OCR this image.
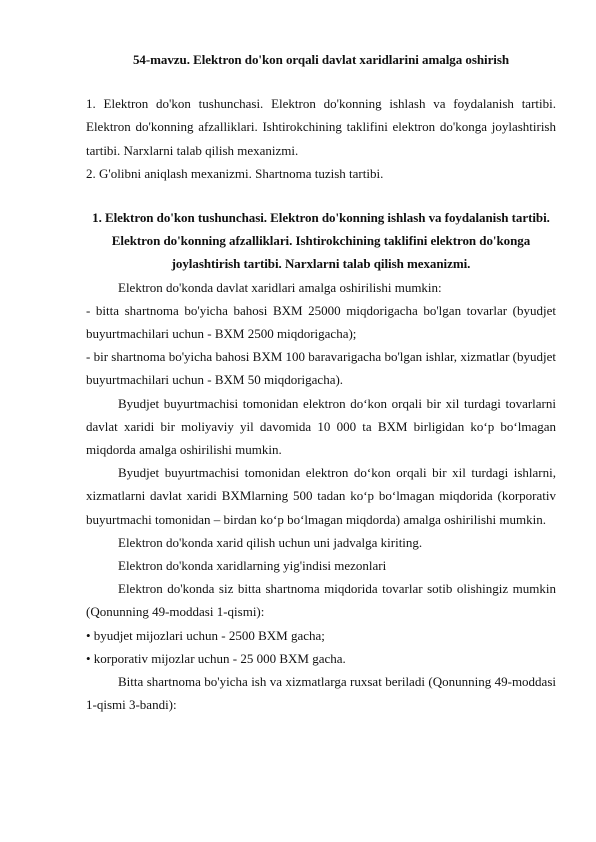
54-mavzu. Elektron do'kon orqali davlat xaridlarini amalga oshirish

1. Elektron do'kon tushunchasi. Elektron do'konning ishlash va foydalanish tartibi. Elektron do'konning afzalliklari. Ishtirokchining taklifini elektron do'konga joylashtirish tartibi. Narxlarni talab qilish mexanizmi.

2. G'olibni aniqlash mexanizmi. Shartnoma tuzish tartibi.

1. Elektron do'kon tushunchasi. Elektron do'konning ishlash va foydalanish tartibi. Elektron do'konning afzalliklari. Ishtirokchining taklifini elektron do'konga joylashtirish tartibi. Narxlarni talab qilish mexanizmi.

Elektron do'konda davlat xaridlari amalga oshirilishi mumkin:

- bitta shartnoma bo'yicha bahosi BXM 25000 miqdorigacha bo'lgan tovarlar (byudjet buyurtmachilari uchun - BXM 2500 miqdorigacha);

- bir shartnoma bo'yicha bahosi BXM 100 baravarigacha bo'lgan ishlar, xizmatlar (byudjet buyurtmachilari uchun - BXM 50 miqdorigacha).

Byudjet buyurtmachisi tomonidan elektron do‘kon orqali bir xil turdagi tovarlarni davlat xaridi bir moliyaviy yil davomida 10 000 ta BXM birligidan ko‘p bo‘lmagan miqdorda amalga oshirilishi mumkin.

Byudjet buyurtmachisi tomonidan elektron do‘kon orqali bir xil turdagi ishlarni, xizmatlarni davlat xaridi BXMlarning 500 tadan ko‘p bo‘lmagan miqdorida (korporativ buyurtmachi tomonidan – birdan ko‘p bo‘lmagan miqdorda) amalga oshirilishi mumkin.

Elektron do'konda xarid qilish uchun uni jadvalga kiriting.

Elektron do'konda xaridlarning yig'indisi mezonlari

Elektron do'konda siz bitta shartnoma miqdorida tovarlar sotib olishingiz mumkin (Qonunning 49-moddasi 1-qismi):

• byudjet mijozlari uchun - 2500 BXM gacha;

• korporativ mijozlar uchun - 25 000 BXM gacha.

Bitta shartnoma bo'yicha ish va xizmatlarga ruxsat beriladi (Qonunning 49-moddasi 1-qismi 3-bandi):
